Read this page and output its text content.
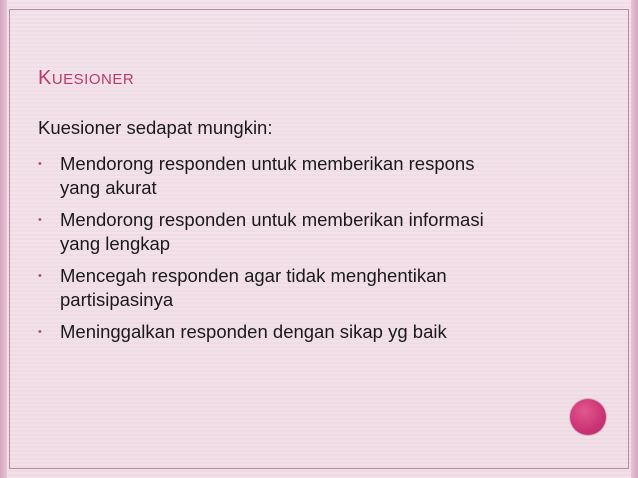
KUESIONER
Kuesioner sedapat mungkin:
• Mendorong responden untuk memberikan respons
yang akurat
• Mendorong responden untuk memberikan informasi
yang lengkap
• Mencegah responden agar tidak menghentikan
partisipasinya
• Meninggalkan responden dengan sikap yg baik
